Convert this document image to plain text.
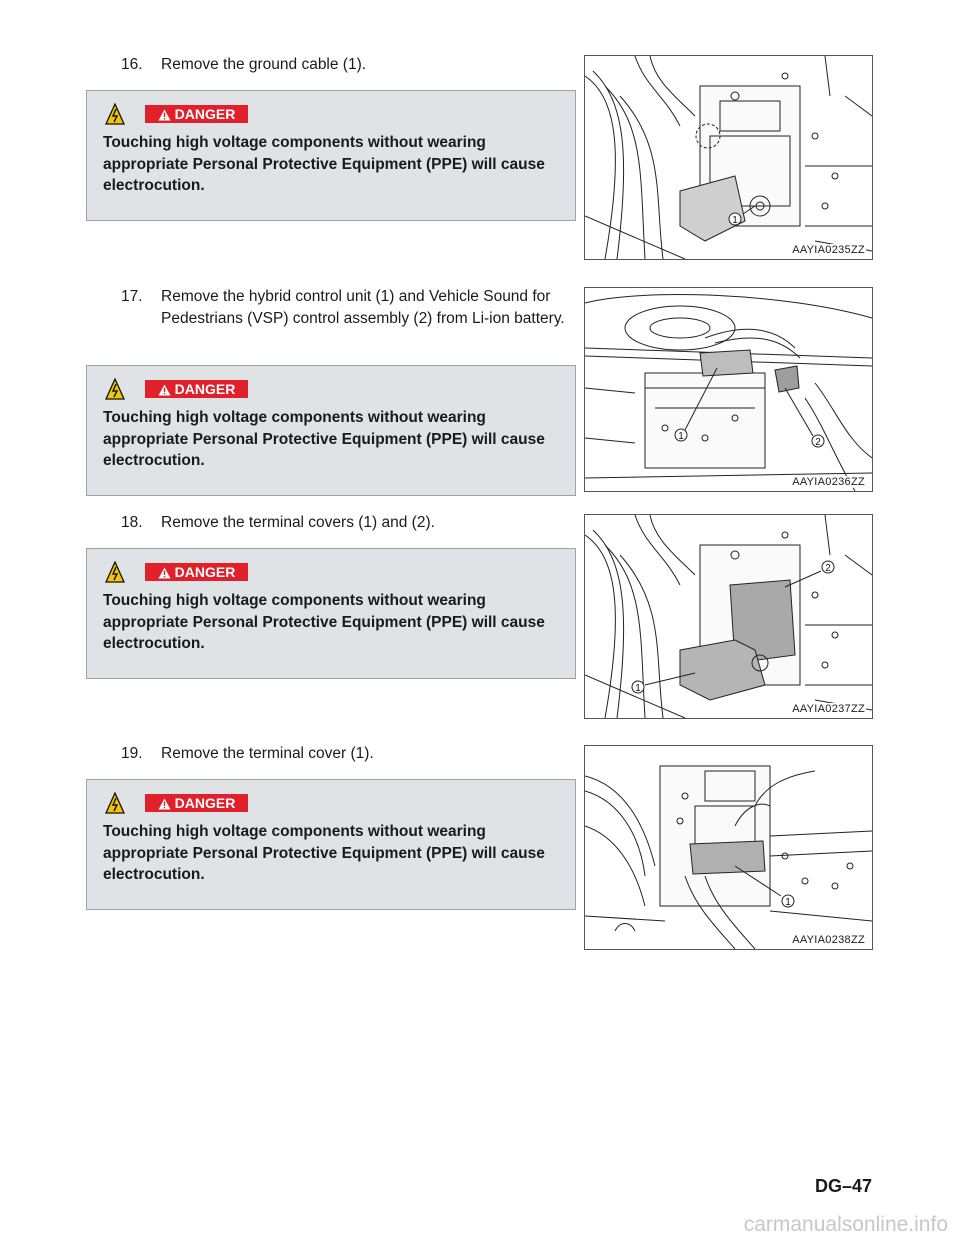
16. Remove the ground cable (1).
DANGER
Touching high voltage components without wearing appropriate Personal Protective Equipment (PPE) will cause electrocution.
1
AAYIA0235ZZ
17. Remove the hybrid control unit (1) and Vehicle Sound for
Pedestrians (VSP) control assembly (2) from Li-ion battery.
DANGER
Touching high voltage components without wearing appropriate Personal Protective Equipment (PPE) will cause electrocution.
1
2
AAYIA0236ZZ
18. Remove the terminal covers (1) and (2).
DANGER
Touching high voltage components without wearing appropriate Personal Protective Equipment (PPE) will cause electrocution.
2
1
AAYIA0237ZZ
19. Remove the terminal cover (1).
DANGER
Touching high voltage components without wearing appropriate Personal Protective Equipment (PPE) will cause electrocution.
1
AAYIA0238ZZ
DG–47
carmanualsonline.info
